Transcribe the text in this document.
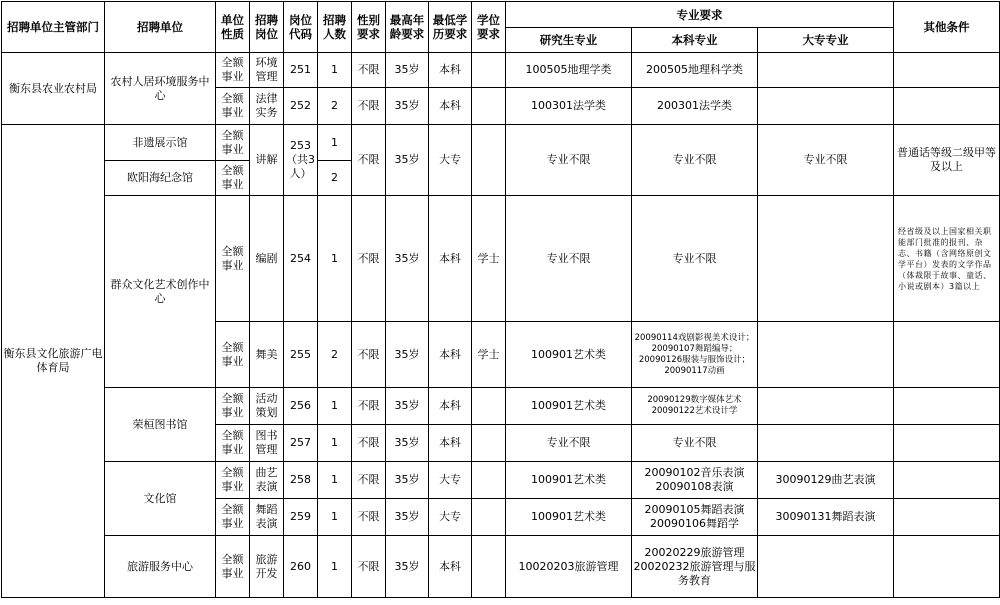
招聘单位主管部门	招聘单位	单位性质	招聘岗位	岗位代码	招聘人数	性别要求	最高年龄要求	最低学历要求	学位要求	专业要求			其他条件
										研究生专业	本科专业	大专专业	
衡东县农业农村局	农村人居环境服务中心	全额事业	环境管理	251	1	不限	35岁	本科		100505地理学类	200505地理科学类		
		全额事业	法律实务	252	2	不限	35岁	本科		100301法学类	200301法学类		
衡东县文化旅游广电体育局	非遗展示馆	全额事业	讲解	253（共3人）	1	不限	35岁	大专		专业不限	专业不限	专业不限	普通话等级二级甲等及以上
	欧阳海纪念馆	全额事业			2								
	群众文化艺术创作中心	全额事业	编剧	254	1	不限	35岁	本科	学士	专业不限	专业不限		经省级及以上国家相关职能部门批准的报刊、杂志、书籍（含网络原创文学平台）发表的文学作品（体裁限于故事、童话、小说或剧本）3篇以上
		全额事业	舞美	255	2	不限	35岁	本科	学士	100901艺术类	20090114戏剧影视美术设计；20090107舞蹈编导；20090126服装与服饰设计；20090117动画		
	荣桓图书馆	全额事业	活动策划	256	1	不限	35岁	本科		100901艺术类	20090129数字媒体艺术 20090122艺术设计学		
		全额事业	图书管理	257	1	不限	35岁	本科		专业不限	专业不限		
	文化馆	全额事业	曲艺表演	258	1	不限	35岁	大专		100901艺术类	20090102音乐表演 20090108表演	30090129曲艺表演	
		全额事业	舞蹈表演	259	1	不限	35岁	大专		100901艺术类	20090105舞蹈表演 20090106舞蹈学	30090131舞蹈表演	
	旅游服务中心	全额事业	旅游开发	260	1	不限	35岁	本科		10020203旅游管理	20020229旅游管理 20020232旅游管理与服务教育		
